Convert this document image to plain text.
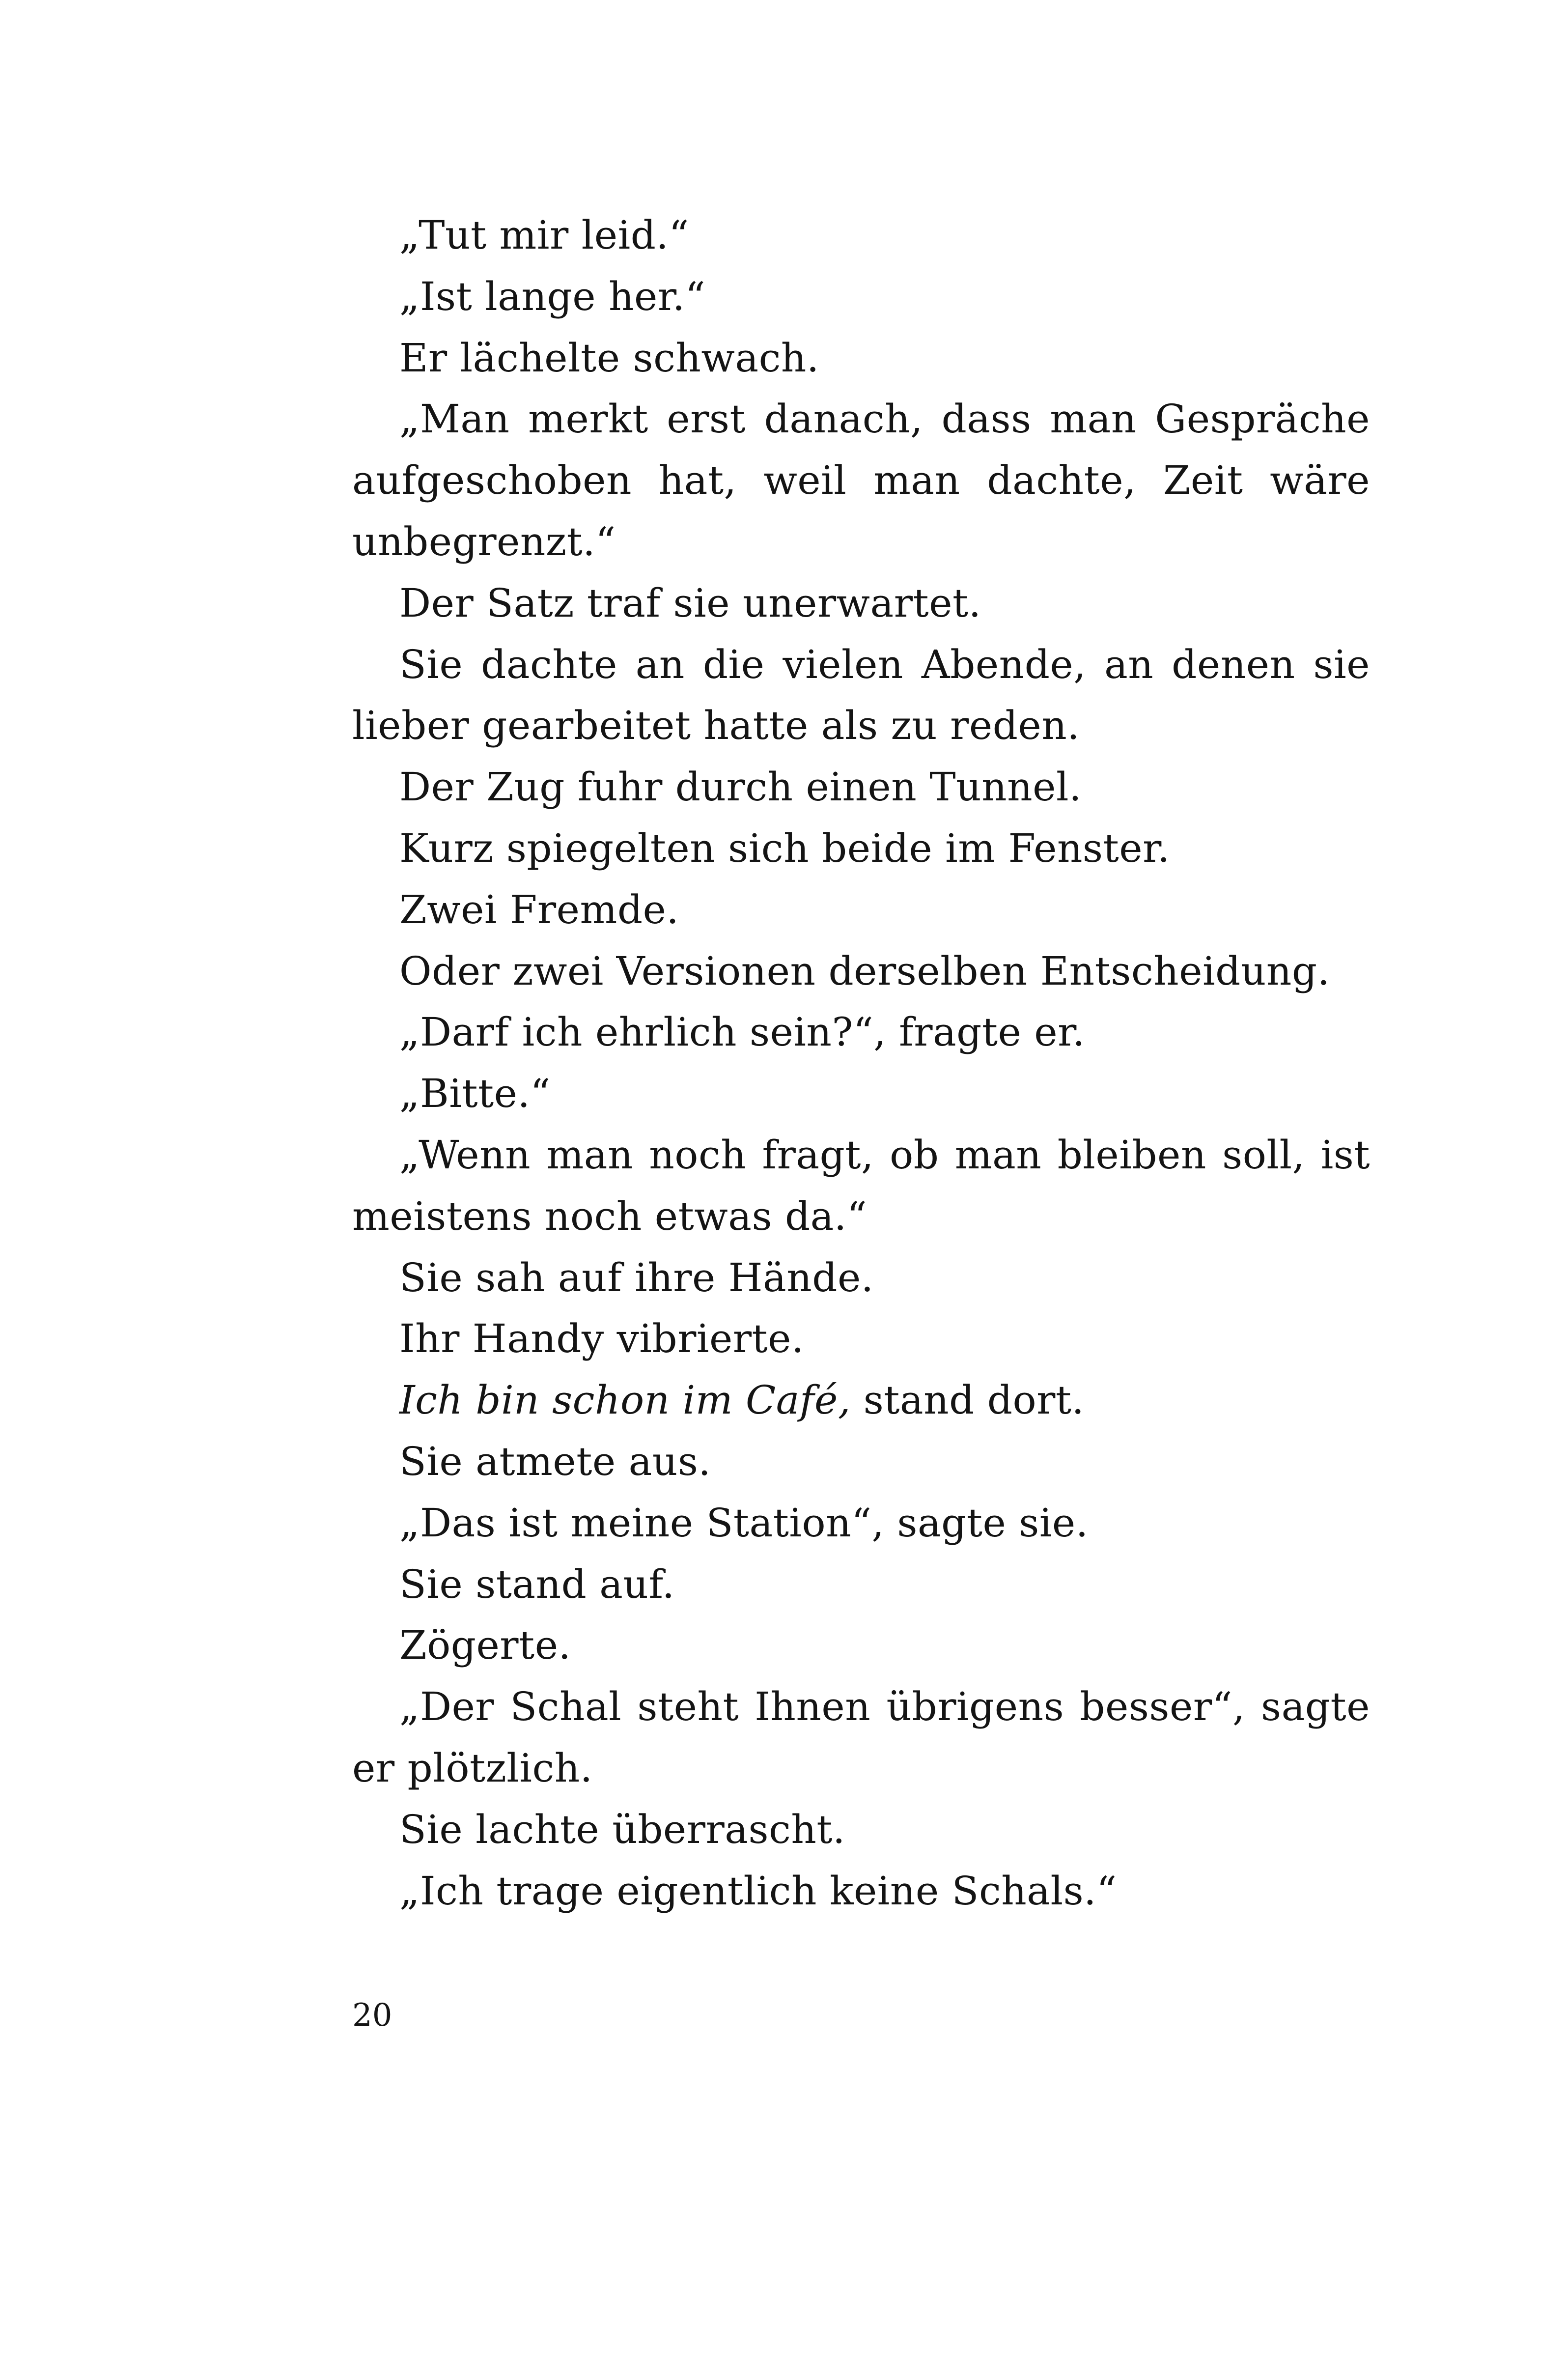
„Tut mir leid.“

„Ist lange her.“

Er lächelte schwach.

„Man merkt erst danach, dass man Gespräche aufgeschoben hat, weil man dachte, Zeit wäre unbegrenzt.“

Der Satz traf sie unerwartet.

Sie dachte an die vielen Abende, an denen sie lieber gearbeitet hatte als zu reden.

Der Zug fuhr durch einen Tunnel.

Kurz spiegelten sich beide im Fenster.

Zwei Fremde.

Oder zwei Versionen derselben Entscheidung.

„Darf ich ehrlich sein?“, fragte er.

„Bitte.“

„Wenn man noch fragt, ob man bleiben soll, ist meistens noch etwas da.“

Sie sah auf ihre Hände.

Ihr Handy vibrierte.

Ich bin schon im Café, stand dort.

Sie atmete aus.

„Das ist meine Station“, sagte sie.

Sie stand auf.

Zögerte.

„Der Schal steht Ihnen übrigens besser“, sagte er plötzlich.

Sie lachte überrascht.

„Ich trage eigentlich keine Schals.“

20
